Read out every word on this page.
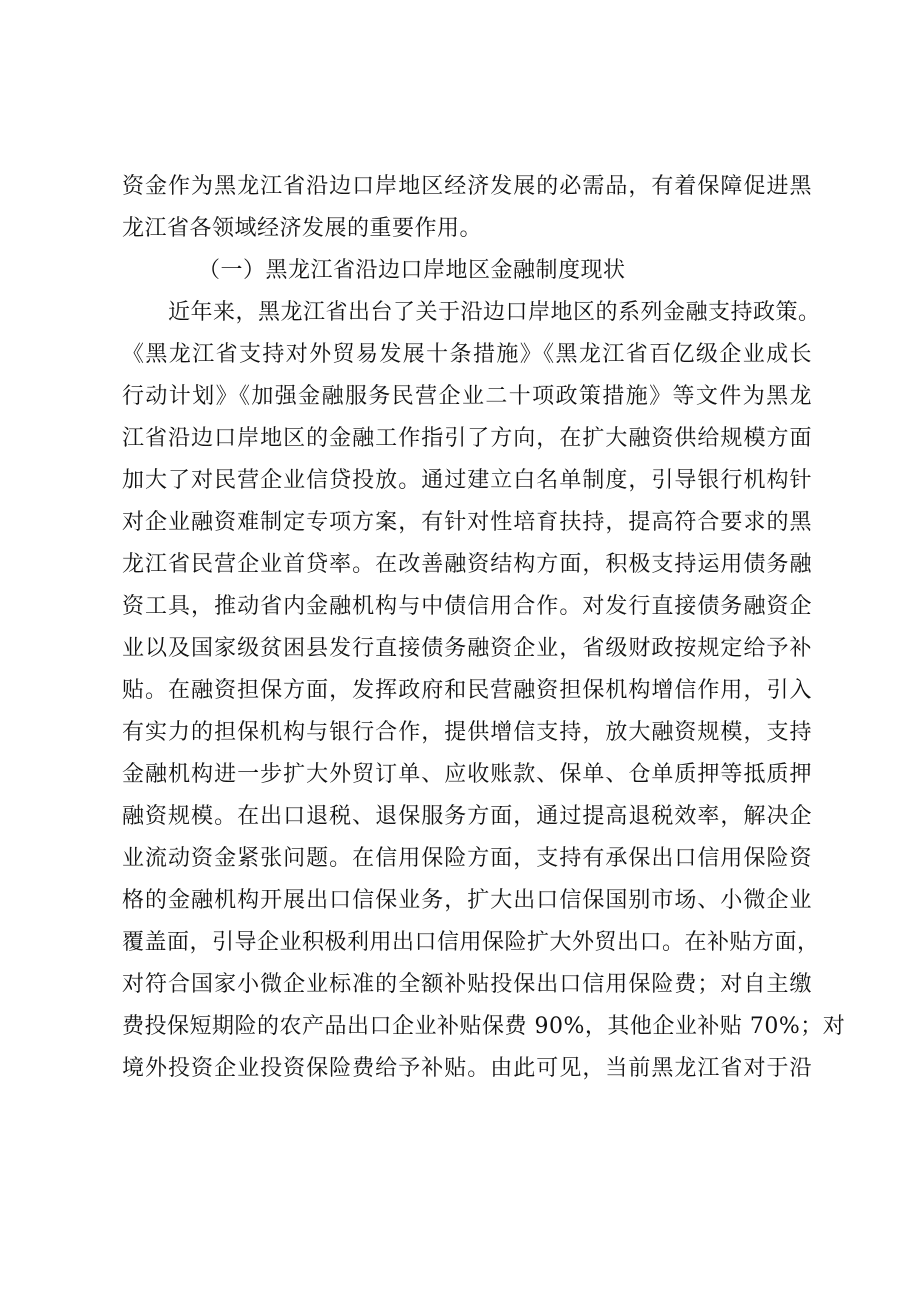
资金作为黑龙江省沿边口岸地区经济发展的必需品，有着保障促进黑
龙江省各领域经济发展的重要作用。
（一）黑龙江省沿边口岸地区金融制度现状
近年来，黑龙江省出台了关于沿边口岸地区的系列金融支持政策。
《黑龙江省支持对外贸易发展十条措施》《黑龙江省百亿级企业成长
行动计划》《加强金融服务民营企业二十项政策措施》等文件为黑龙
江省沿边口岸地区的金融工作指引了方向，在扩大融资供给规模方面
加大了对民营企业信贷投放。通过建立白名单制度，引导银行机构针
对企业融资难制定专项方案，有针对性培育扶持，提高符合要求的黑
龙江省民营企业首贷率。在改善融资结构方面，积极支持运用债务融
资工具，推动省内金融机构与中债信用合作。对发行直接债务融资企
业以及国家级贫困县发行直接债务融资企业，省级财政按规定给予补
贴。在融资担保方面，发挥政府和民营融资担保机构增信作用，引入
有实力的担保机构与银行合作，提供增信支持，放大融资规模，支持
金融机构进一步扩大外贸订单、应收账款、保单、仓单质押等抵质押
融资规模。在出口退税、退保服务方面，通过提高退税效率，解决企
业流动资金紧张问题。在信用保险方面，支持有承保出口信用保险资
格的金融机构开展出口信保业务，扩大出口信保国别市场、小微企业
覆盖面，引导企业积极利用出口信用保险扩大外贸出口。在补贴方面，
对符合国家小微企业标准的全额补贴投保出口信用保险费；对自主缴
费投保短期险的农产品出口企业补贴保费 90%，其他企业补贴 70%；对
境外投资企业投资保险费给予补贴。由此可见，当前黑龙江省对于沿
